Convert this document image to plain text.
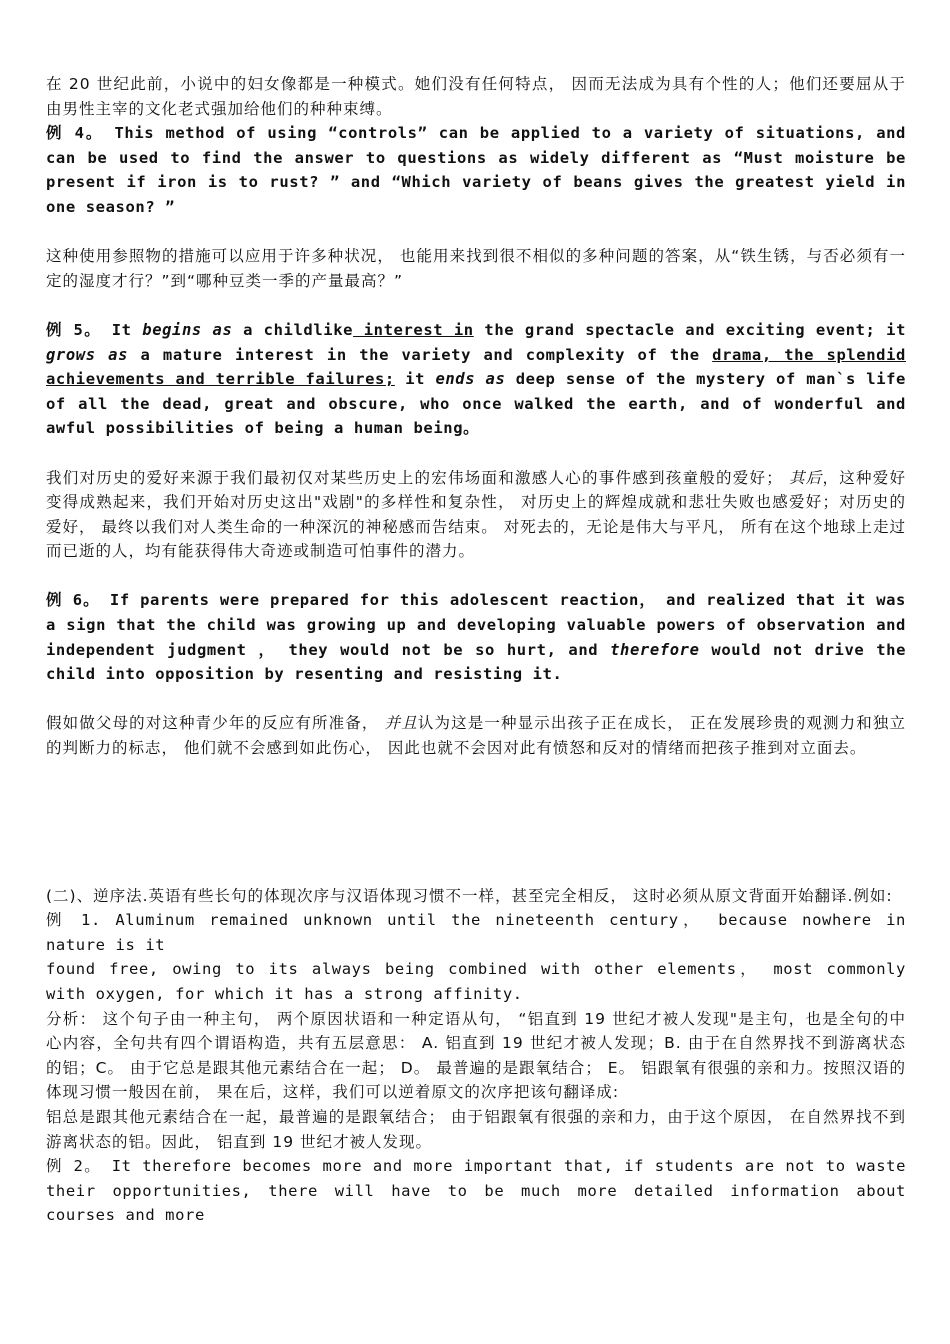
在 20 世纪此前，小说中的妇女像都是一种模式。她们没有任何特点， 因而无法成为具有个性的人；他们还要屈从于由男性主宰的文化老式强加给他们的种种束缚。

例 4。 This method of using “controls” can be applied to a variety of situations, and can be used to find the answer to questions as widely different as “Must moisture be present if iron is to rust? ” and “Which variety of beans gives the greatest yield in one season? ”

这种使用参照物的措施可以应用于许多种状况， 也能用来找到很不相似的多种问题的答案，从“铁生锈，与否必须有一定的湿度才行？”到“哪种豆类一季的产量最高？”

例 5。 It begins as a childlike interest in the grand spectacle and exciting event; it grows as a mature interest in the variety and complexity of the drama, the splendid achievements and terrible failures; it ends as deep sense of the mystery of man`s life of all the dead, great and obscure, who once walked the earth, and of wonderful and awful possibilities of being a human being。

我们对历史的爱好来源于我们最初仅对某些历史上的宏伟场面和激感人心的事件感到孩童般的爱好； 其后，这种爱好变得成熟起来，我们开始对历史这出"戏剧"的多样性和复杂性， 对历史上的辉煌成就和悲壮失败也感爱好；对历史的爱好， 最终以我们对人类生命的一种深沉的神秘感而告结束。 对死去的，无论是伟大与平凡， 所有在这个地球上走过而已逝的人，均有能获得伟大奇迹或制造可怕事件的潜力。

例 6。 If parents were prepared for this adolescent reaction， and realized that it was a sign that the child was growing up and developing valuable powers of observation and independent judgment ， they would not be so hurt, and therefore would not drive the child into opposition by resenting and resisting it.

假如做父母的对这种青少年的反应有所准备， 并且认为这是一种显示出孩子正在成长， 正在发展珍贵的观测力和独立的判断力的标志， 他们就不会感到如此伤心， 因此也就不会因对此有愤怒和反对的情绪而把孩子推到对立面去。

(二)、逆序法.英语有些长句的体现次序与汉语体现习惯不一样，甚至完全相反， 这时必须从原文背面开始翻译.例如:

例 1. Aluminum remained unknown until the nineteenth century， because nowhere in nature is it

found free, owing to its always being combined with other elements， most commonly with oxygen, for which it has a strong affinity.

分析： 这个句子由一种主句， 两个原因状语和一种定语从句， “铝直到 19 世纪才被人发现"是主句，也是全句的中心内容，全句共有四个谓语构造，共有五层意思： A. 铝直到 19 世纪才被人发现；B. 由于在自然界找不到游离状态的铝；C。 由于它总是跟其他元素结合在一起； D。 最普遍的是跟氧结合； E。 铝跟氧有很强的亲和力。按照汉语的体现习惯一般因在前， 果在后，这样，我们可以逆着原文的次序把该句翻译成:

铝总是跟其他元素结合在一起，最普遍的是跟氧结合； 由于铝跟氧有很强的亲和力，由于这个原因， 在自然界找不到游离状态的铝。因此， 铝直到 19 世纪才被人发现。

例 2。 It therefore becomes more and more important that, if students are not to waste their opportunities, there will have to be much more detailed information about courses and more
